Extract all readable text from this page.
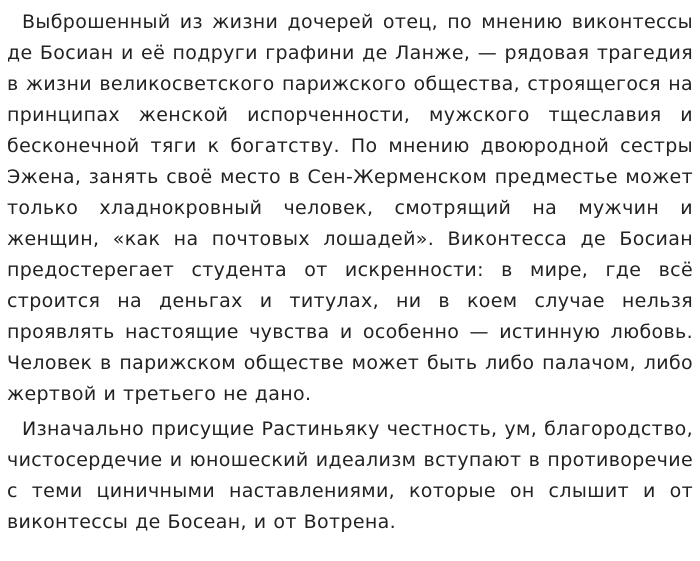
Выброшенный из жизни дочерей отец, по мнению виконтессы де Босиан и её подруги графини де Ланже, — рядовая трагедия в жизни великосветского парижского общества, строящегося на принципах женской испорченности, мужского тщеславия и бесконечной тяги к богатству. По мнению двоюродной сестры Эжена, занять своё место в Сен-Жерменском предместье может только хладнокровный человек, смотрящий на мужчин и женщин, «как на почтовых лошадей». Виконтесса де Босиан предостерегает студента от искренности: в мире, где всё строится на деньгах и титулах, ни в коем случае нельзя проявлять настоящие чувства и особенно — истинную любовь. Человек в парижском обществе может быть либо палачом, либо жертвой и третьего не дано.

Изначально присущие Растиньяку честность, ум, благородство, чистосердечие и юношеский идеализм вступают в противоречие с теми циничными наставлениями, которые он слышит и от виконтессы де Босеан, и от Вотрена.
